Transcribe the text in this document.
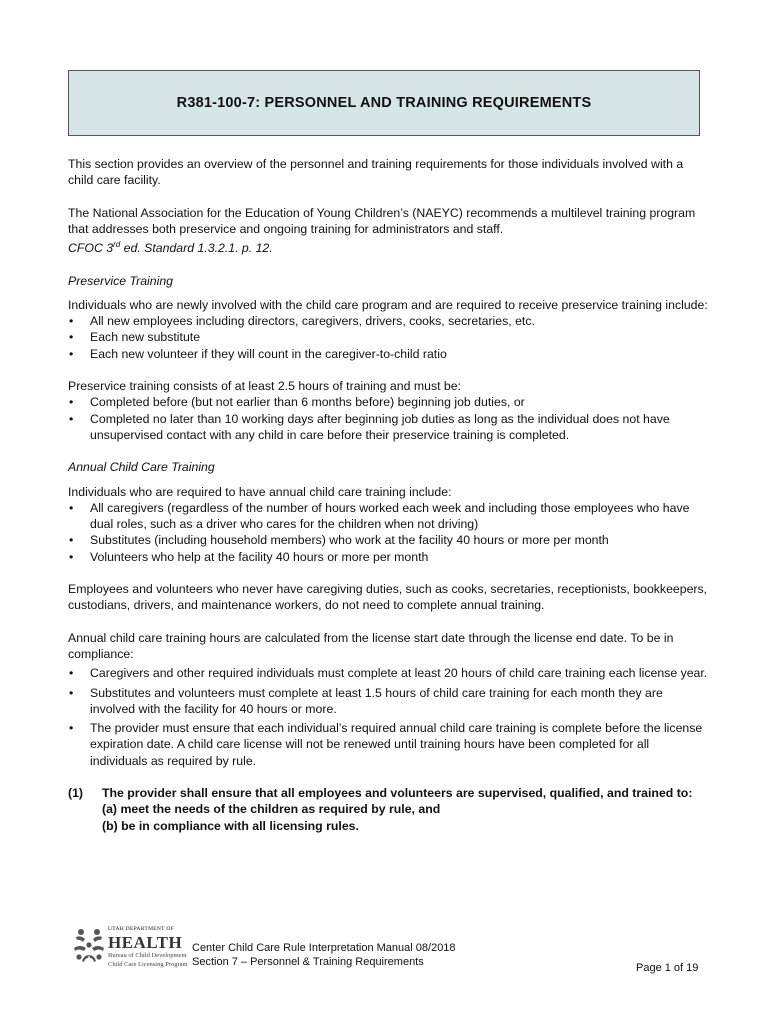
R381-100-7: PERSONNEL AND TRAINING REQUIREMENTS

This section provides an overview of the personnel and training requirements for those individuals involved with a child care facility.

The National Association for the Education of Young Children’s (NAEYC) recommends a multilevel training program that addresses both preservice and ongoing training for administrators and staff.
CFOC 3rd ed. Standard 1.3.2.1. p. 12.

Preservice Training

Individuals who are newly involved with the child care program and are required to receive preservice training include:

• All new employees including directors, caregivers, drivers, cooks, secretaries, etc.
• Each new substitute
• Each new volunteer if they will count in the caregiver-to-child ratio

Preservice training consists of at least 2.5 hours of training and must be:

• Completed before (but not earlier than 6 months before) beginning job duties, or
• Completed no later than 10 working days after beginning job duties as long as the individual does not have unsupervised contact with any child in care before their preservice training is completed.

Annual Child Care Training

Individuals who are required to have annual child care training include:

• All caregivers (regardless of the number of hours worked each week and including those employees who have dual roles, such as a driver who cares for the children when not driving)
• Substitutes (including household members) who work at the facility 40 hours or more per month
• Volunteers who help at the facility 40 hours or more per month

Employees and volunteers who never have caregiving duties, such as cooks, secretaries, receptionists, bookkeepers, custodians, drivers, and maintenance workers, do not need to complete annual training.

Annual child care training hours are calculated from the license start date through the license end date. To be in compliance:

• Caregivers and other required individuals must complete at least 20 hours of child care training each license year.
• Substitutes and volunteers must complete at least 1.5 hours of child care training for each month they are involved with the facility for 40 hours or more.
• The provider must ensure that each individual’s required annual child care training is complete before the license expiration date. A child care license will not be renewed until training hours have been completed for all individuals as required by rule.
(1)	The provider shall ensure that all employees and volunteers are supervised, qualified, and trained to:

(a) meet the needs of the children as required by rule, and

(b) be in compliance with all licensing rules.

UTAH DEPARTMENT OF
HEALTH
Bureau of Child Development
Child Care Licensing Program
Center Child Care Rule Interpretation Manual 08/2018
Section 7 – Personnel & Training Requirements	Page 1 of 19
